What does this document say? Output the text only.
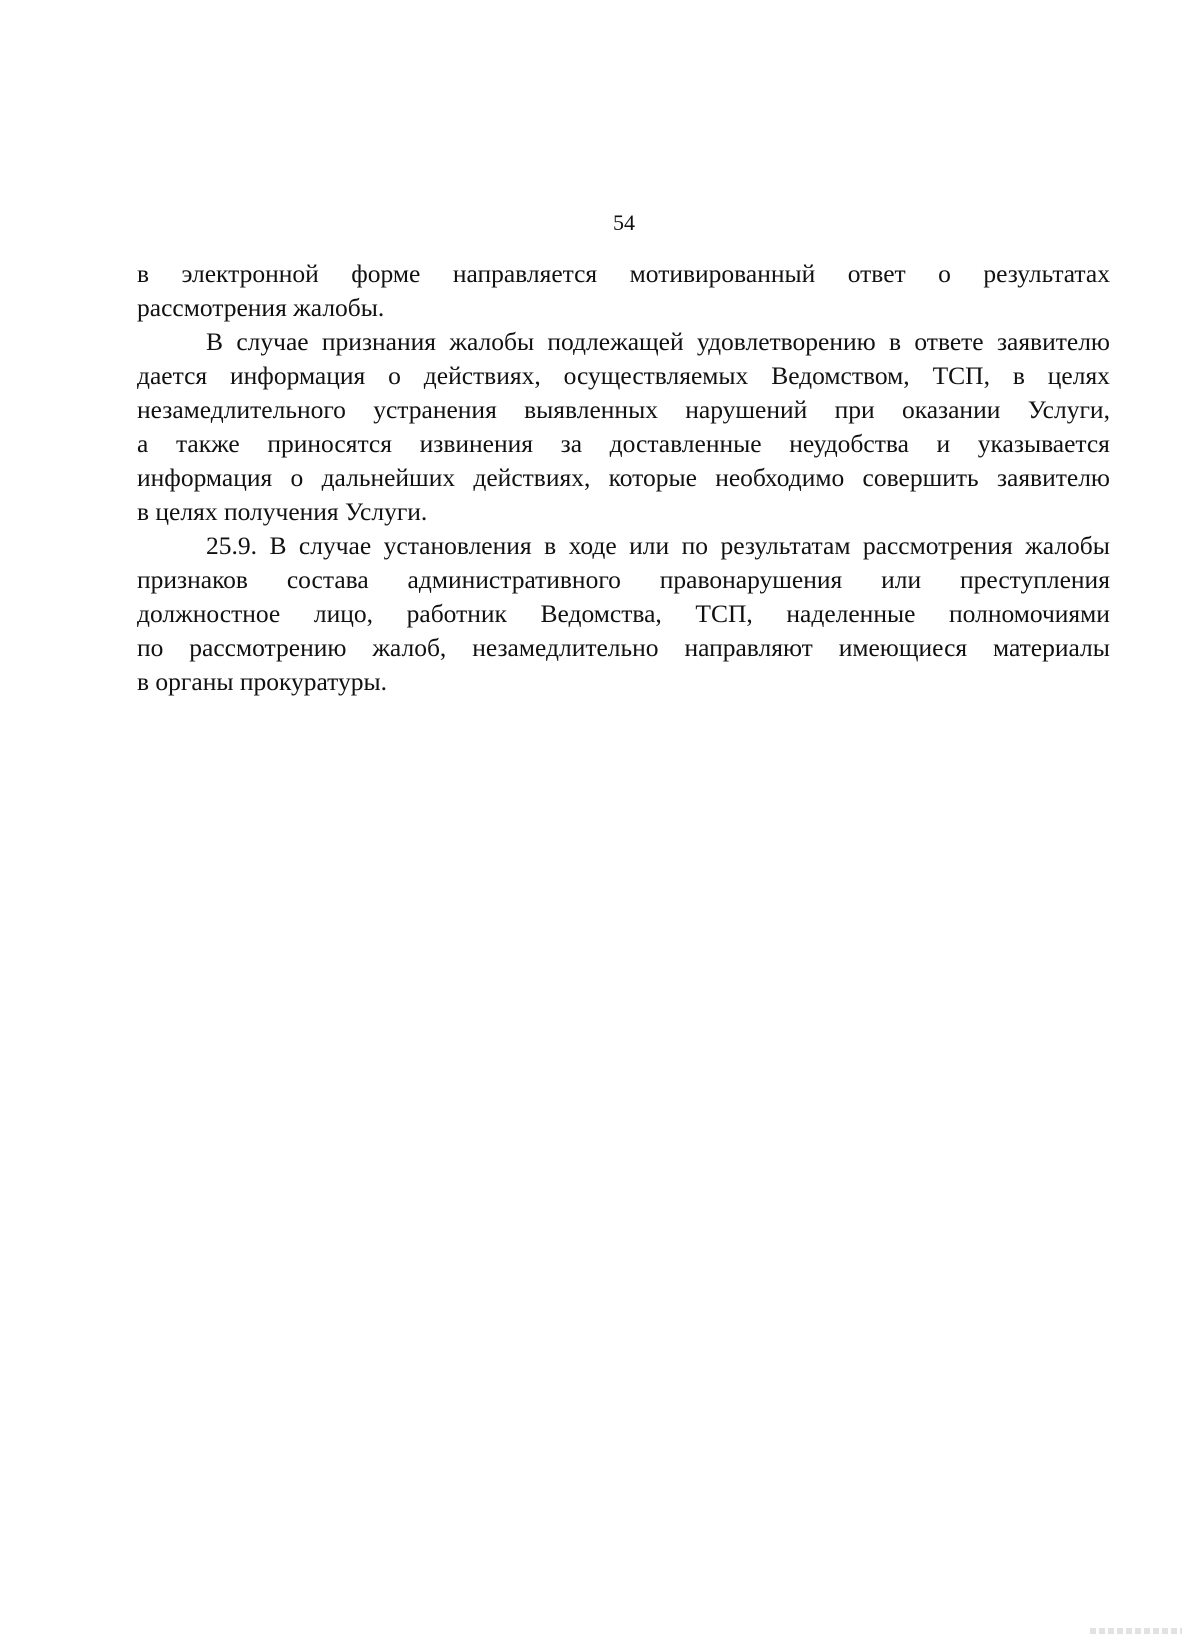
54
в электронной форме направляется мотивированный ответ о результатах
рассмотрения жалобы.
В случае признания жалобы подлежащей удовлетворению в ответе заявителю
дается информация о действиях, осуществляемых Ведомством, ТСП, в целях
незамедлительного устранения выявленных нарушений при оказании Услуги,
а также приносятся извинения за доставленные неудобства и указывается
информация о дальнейших действиях, которые необходимо совершить заявителю
в целях получения Услуги.
25.9. В случае установления в ходе или по результатам рассмотрения жалобы
признаков состава административного правонарушения или преступления
должностное лицо, работник Ведомства, ТСП, наделенные полномочиями
по рассмотрению жалоб, незамедлительно направляют имеющиеся материалы
в органы прокуратуры.
